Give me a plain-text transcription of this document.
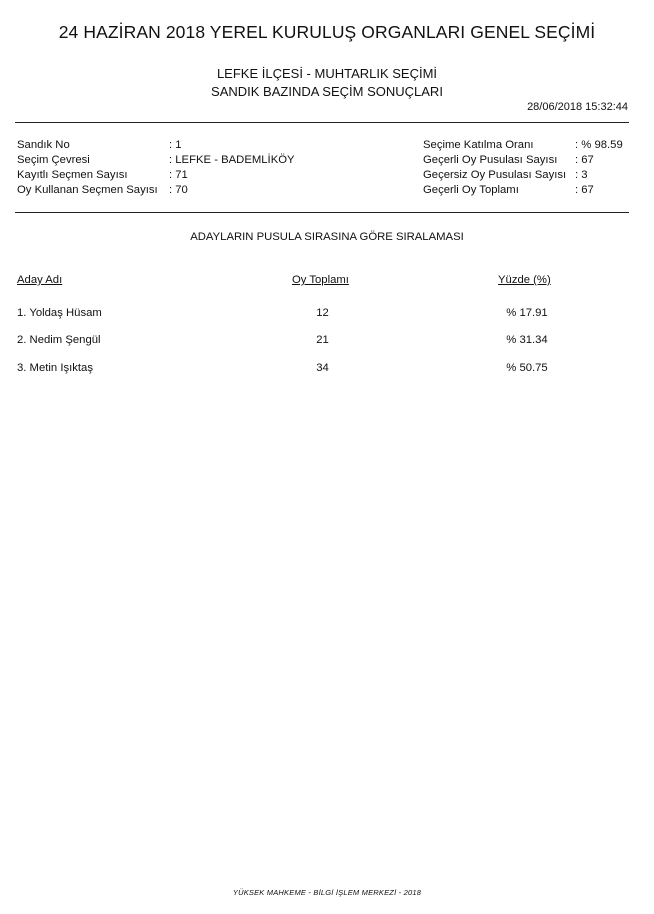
24 HAZİRAN 2018 YEREL KURULUŞ ORGANLARI GENEL SEÇİMİ
LEFKE İLÇESİ - MUHTARLIK SEÇİMİ
SANDIK BAZINDA SEÇİM SONUÇLARI
28/06/2018 15:32:44
Sandık No	: 1
Seçim Çevresi	: LEFKE - BADEMLİKÖY
Kayıtlı Seçmen Sayısı	: 71
Oy Kullanan Seçmen Sayısı : 70
Seçime Katılma Oranı	: % 98.59
Geçerli Oy Pusulası Sayısı : 67
Geçersiz Oy Pusulası Sayısı : 3
Geçerli Oy Toplamı	: 67
ADAYLARIN PUSULA SIRASINA GÖRE SIRALAMASI
Aday Adı	Oy Toplamı	Yüzde (%)
1. Yoldaş Hüsam	12	% 17.91
2. Nedim Şengül	21	% 31.34
3. Metin Işıktaş	34	% 50.75
YÜKSEK MAHKEME - BİLGİ İŞLEM MERKEZİ - 2018
